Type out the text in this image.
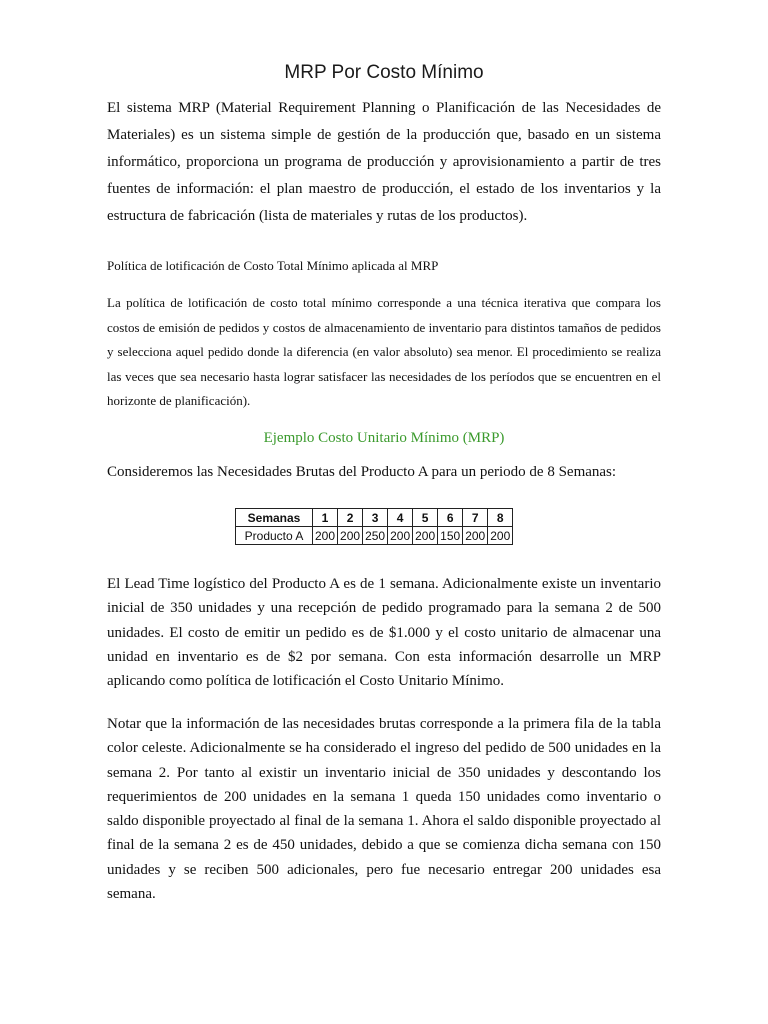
MRP Por Costo Mínimo

El sistema MRP (Material Requirement Planning o Planificación de las Necesidades de Materiales) es un sistema simple de gestión de la producción que, basado en un sistema informático, proporciona un programa de producción y aprovisionamiento a partir de tres fuentes de información: el plan maestro de producción, el estado de los inventarios y la estructura de fabricación (lista de materiales y rutas de los productos).

Política de lotificación de Costo Total Mínimo aplicada al MRP

La política de lotificación de costo total mínimo corresponde a una técnica iterativa que compara los costos de emisión de pedidos y costos de almacenamiento de inventario para distintos tamaños de pedidos y selecciona aquel pedido donde la diferencia (en valor absoluto) sea menor. El procedimiento se realiza las veces que sea necesario hasta lograr satisfacer las necesidades de los períodos que se encuentren en el horizonte de planificación).

Ejemplo Costo Unitario Mínimo (MRP)
Consideremos las Necesidades Brutas del Producto A para un periodo de 8 Semanas:
Semanas	1	2	3	4	5	6	7	8
Producto A	200	200	250	200	200	150	200	200

El Lead Time logístico del Producto A es de 1 semana. Adicionalmente existe un inventario inicial de 350 unidades y una recepción de pedido programado para la semana 2 de 500 unidades. El costo de emitir un pedido es de $1.000 y el costo unitario de almacenar una unidad en inventario es de $2 por semana. Con esta información desarrolle un MRP aplicando como política de lotificación el Costo Unitario Mínimo.

Notar que la información de las necesidades brutas corresponde a la primera fila de la tabla color celeste. Adicionalmente se ha considerado el ingreso del pedido de 500 unidades en la semana 2. Por tanto al existir un inventario inicial de 350 unidades y descontando los requerimientos de 200 unidades en la semana 1 queda 150 unidades como inventario o saldo disponible proyectado al final de la semana 1. Ahora el saldo disponible proyectado al final de la semana 2 es de 450 unidades, debido a que se comienza dicha semana con 150 unidades y se reciben 500 adicionales, pero fue necesario entregar 200 unidades esa semana.
